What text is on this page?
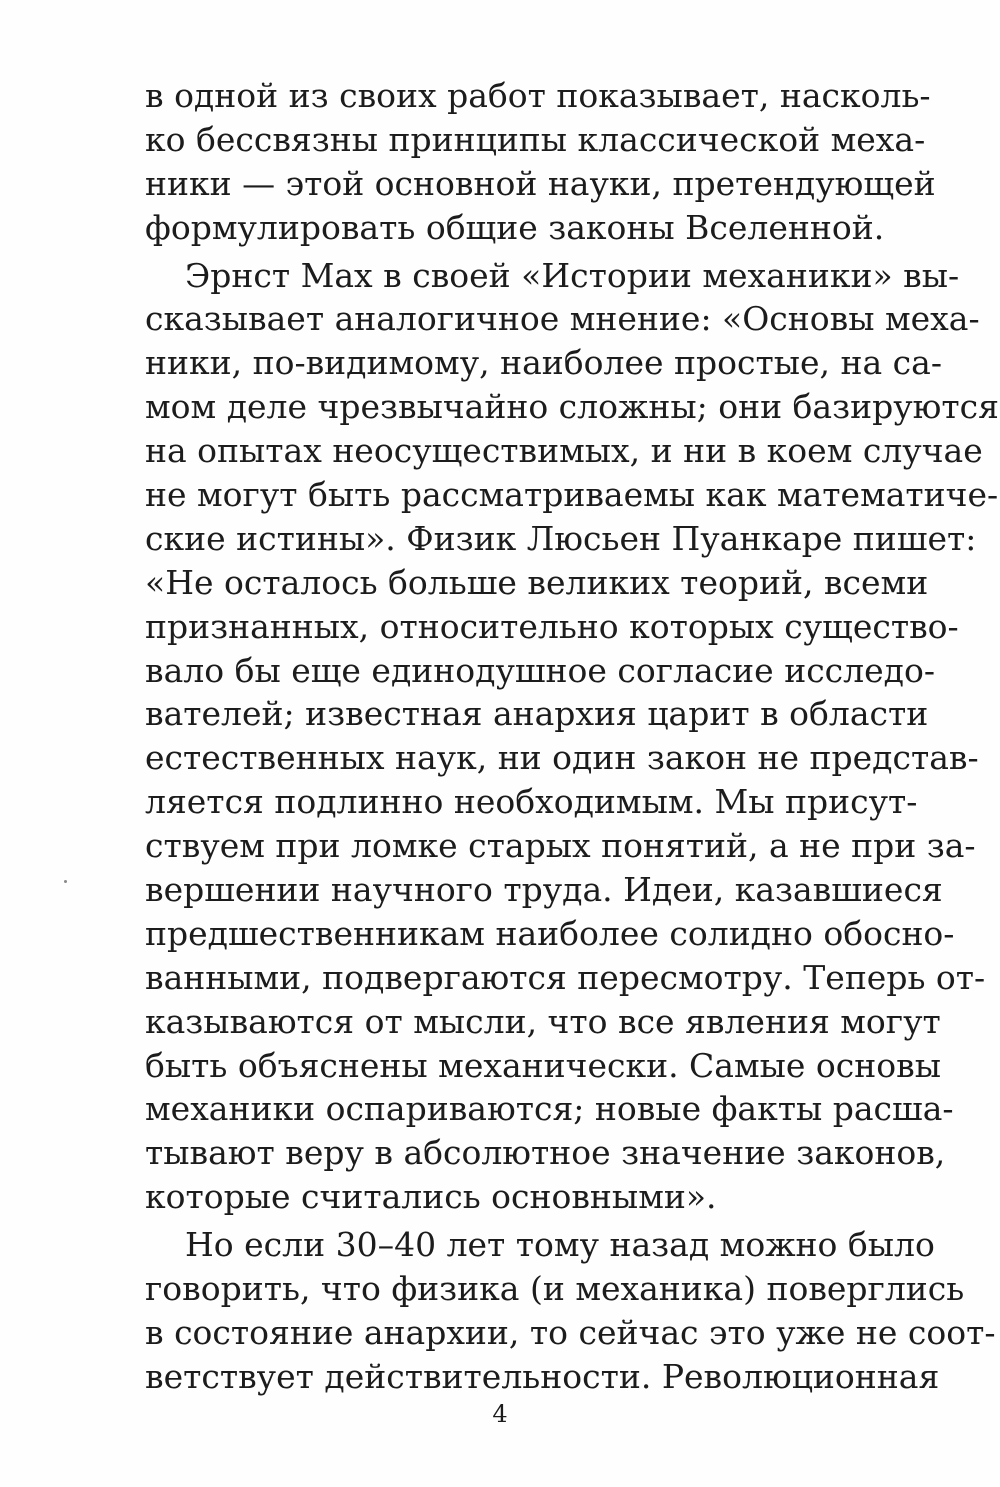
в одной из своих работ показывает, насколь-
ко бессвязны принципы классической меха-
ники — этой основной науки, претендующей
формулировать общие законы Вселенной.
Эрнст Мах в своей «Истории механики» вы-
сказывает аналогичное мнение: «Основы меха-
ники, по-видимому, наиболее простые, на са-
мом деле чрезвычайно сложны; они базируются
на опытах неосуществимых, и ни в коем случае
не могут быть рассматриваемы как математиче-
ские истины». Физик Люсьен Пуанкаре пишет:
«Не осталось больше великих теорий, всеми
признанных, относительно которых существо-
вало бы еще единодушное согласие исследо-
вателей; известная анархия царит в области
естественных наук, ни один закон не представ-
ляется подлинно необходимым. Мы присут-
ствуем при ломке старых понятий, а не при за-
вершении научного труда. Идеи, казавшиеся
предшественникам наиболее солидно обосно-
ванными, подвергаются пересмотру. Теперь от-
казываются от мысли, что все явления могут
быть объяснены механически. Самые основы
механики оспариваются; новые факты расша-
тывают веру в абсолютное значение законов,
которые считались основными».
Но если 30–40 лет тому назад можно было
говорить, что физика (и механика) поверглись
в состояние анархии, то сейчас это уже не соот-
ветствует действительности. Революционная
4
